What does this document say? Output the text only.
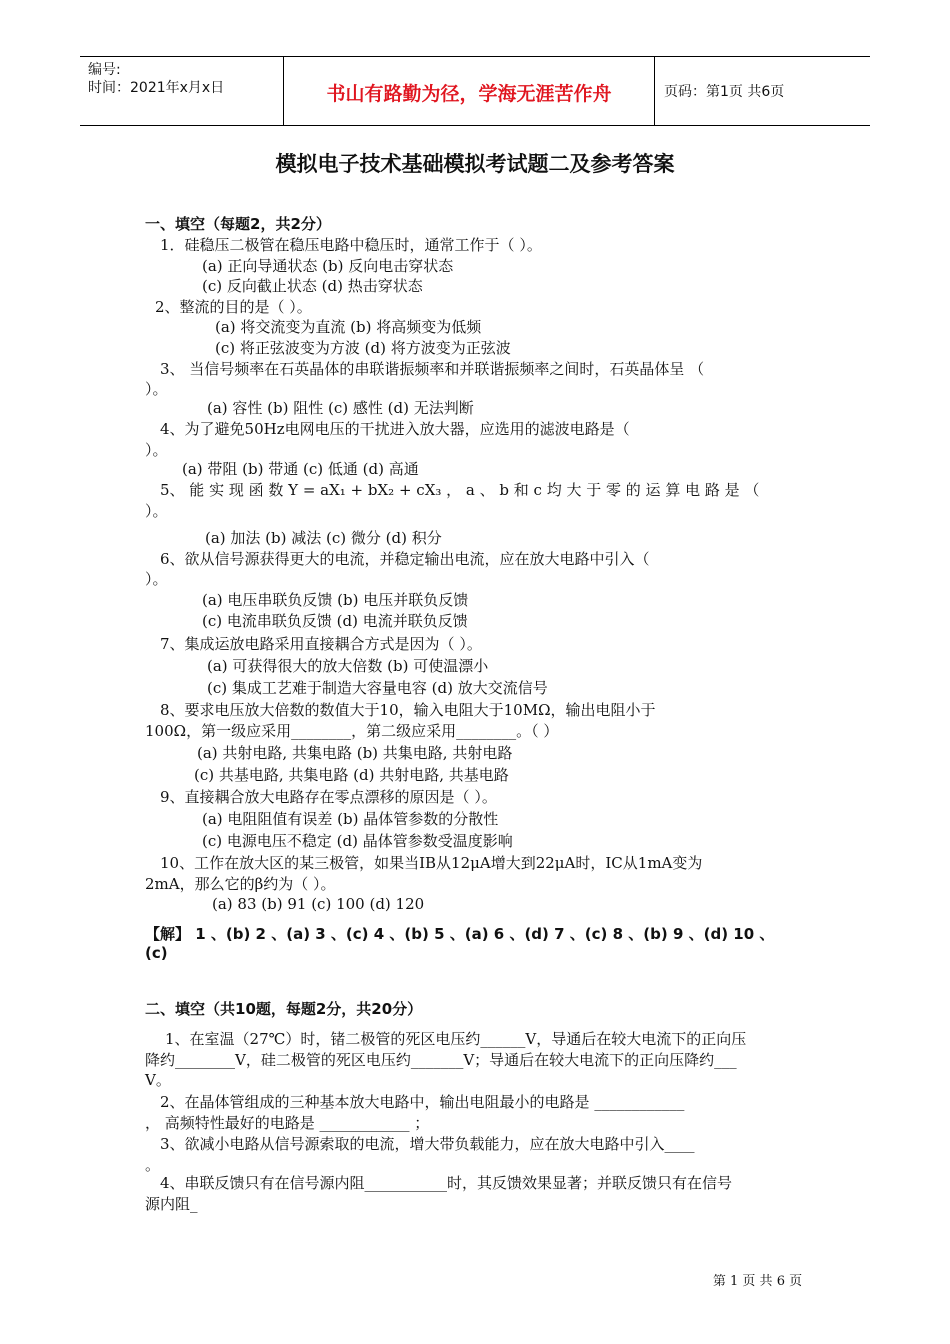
编号:
时间：2021年x月x日	书山有路勤为径，学海无涯苦作舟	页码：第1页 共6页
模拟电子技术基础模拟考试题二及参考答案
一、填空（每题2，共2分）
1．硅稳压二极管在稳压电路中稳压时，通常工作于（ ）。
(a) 正向导通状态 (b) 反向电击穿状态
(c) 反向截止状态 (d) 热击穿状态
2、整流的目的是（ ）。
(a) 将交流变为直流 (b) 将高频变为低频
(c) 将正弦波变为方波 (d) 将方波变为正弦波
3、 当信号频率在石英晶体的串联谐振频率和并联谐振频率之间时，石英晶体呈 （
）。
(a) 容性 (b) 阻性 (c) 感性 (d) 无法判断
4、为了避免50Hz电网电压的干扰进入放大器，应选用的滤波电路是（
）。
(a) 带阻 (b) 带通 (c) 低通 (d) 高通
5、 能 实 现 函 数 Y = aX₁ + bX₂ + cX₃ ， a 、 b 和 c 均 大 于 零 的 运 算 电 路 是 （
）。
(a) 加法 (b) 减法 (c) 微分 (d) 积分
6、欲从信号源获得更大的电流，并稳定输出电流，应在放大电路中引入（
）。
(a) 电压串联负反馈 (b) 电压并联负反馈
(c) 电流串联负反馈 (d) 电流并联负反馈
7、集成运放电路采用直接耦合方式是因为（ ）。
(a) 可获得很大的放大倍数 (b) 可使温漂小
(c) 集成工艺难于制造大容量电容 (d) 放大交流信号
8、要求电压放大倍数的数值大于10，输入电阻大于10MΩ，输出电阻小于
100Ω，第一级应采用________，第二级应采用________。（ ）
(a) 共射电路, 共集电路 (b) 共集电路, 共射电路
(c) 共基电路, 共集电路 (d) 共射电路, 共基电路
9、直接耦合放大电路存在零点漂移的原因是（ ）。
(a) 电阻阻值有误差 (b) 晶体管参数的分散性
(c) 电源电压不稳定 (d) 晶体管参数受温度影响
10、工作在放大区的某三极管，如果当IB从12μA增大到22μA时，IC从1mA变为
2mA，那么它的β约为（ ）。
(a) 83 (b) 91 (c) 100 (d) 120
【解】 1 、(b) 2 、(a) 3 、(c) 4 、(b) 5 、(a) 6 、(d) 7 、(c) 8 、(b) 9 、(d) 10 、
(c)
二、填空（共10题，每题2分，共20分）
1、在室温（27℃）时，锗二极管的死区电压约______V，导通后在较大电流下的正向压
降约________V，硅二极管的死区电压约_______V；导通后在较大电流下的正向压降约___
V。
2、在晶体管组成的三种基本放大电路中，输出电阻最小的电路是 ____________
， 高频特性最好的电路是 ____________ ；
3、欲减小电路从信号源索取的电流，增大带负载能力，应在放大电路中引入____
。
4、串联反馈只有在信号源内阻___________时，其反馈效果显著；并联反馈只有在信号
源内阻_
第 1 页 共 6 页
